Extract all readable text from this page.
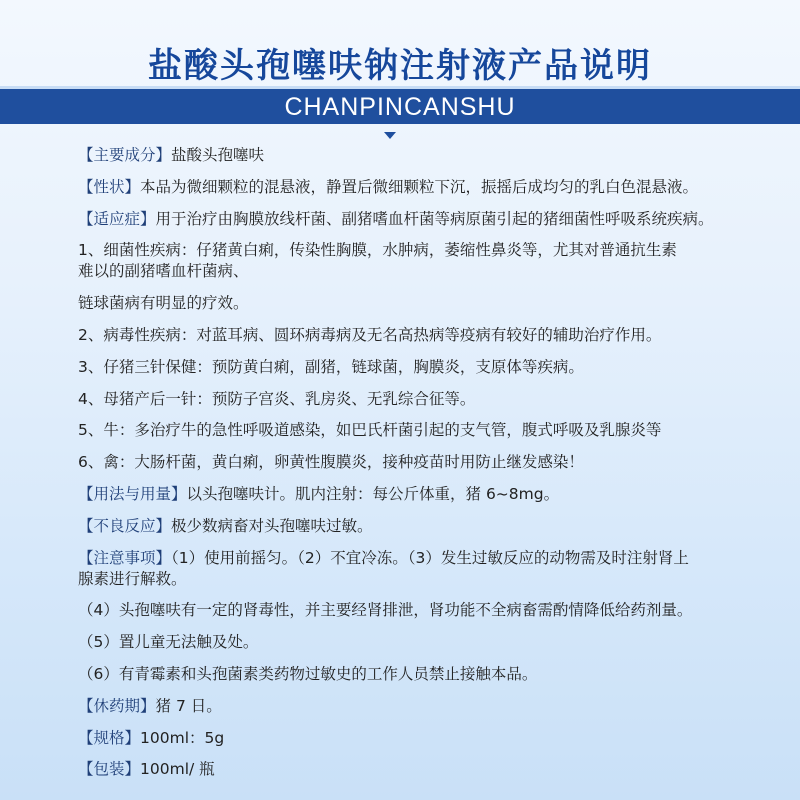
盐酸头孢噻呋钠注射液产品说明
CHANPINCANSHU
【主要成分】盐酸头孢噻呋
【性状】本品为微细颗粒的混悬液，静置后微细颗粒下沉，振摇后成均匀的乳白色混悬液。
【适应症】用于治疗由胸膜放线杆菌、副猪嗜血杆菌等病原菌引起的猪细菌性呼吸系统疾病。
1、细菌性疾病：仔猪黄白痢，传染性胸膜，水肿病，萎缩性鼻炎等，尤其对普通抗生素
难以的副猪嗜血杆菌病、
链球菌病有明显的疗效。
2、病毒性疾病：对蓝耳病、圆环病毒病及无名高热病等疫病有较好的辅助治疗作用。
3、仔猪三针保健：预防黄白痢，副猪，链球菌，胸膜炎，支原体等疾病。
4、母猪产后一针：预防子宫炎、乳房炎、无乳综合征等。
5、牛：多治疗牛的急性呼吸道感染，如巴氏杆菌引起的支气管，腹式呼吸及乳腺炎等
6、禽：大肠杆菌，黄白痢，卵黄性腹膜炎，接种疫苗时用防止继发感染！
【用法与用量】以头孢噻呋计。肌内注射：每公斤体重，猪 6~8mg。
【不良反应】极少数病畜对头孢噻呋过敏。
【注意事项】（1）使用前摇匀。（2）不宜冷冻。（3）发生过敏反应的动物需及时注射肾上
腺素进行解救。
（4）头孢噻呋有一定的肾毒性，并主要经肾排泄，肾功能不全病畜需酌情降低给药剂量。
（5）置儿童无法触及处。
（6）有青霉素和头孢菌素类药物过敏史的工作人员禁止接触本品。
【休药期】猪 7 日。
【规格】100ml：5g
【包装】100ml/ 瓶
